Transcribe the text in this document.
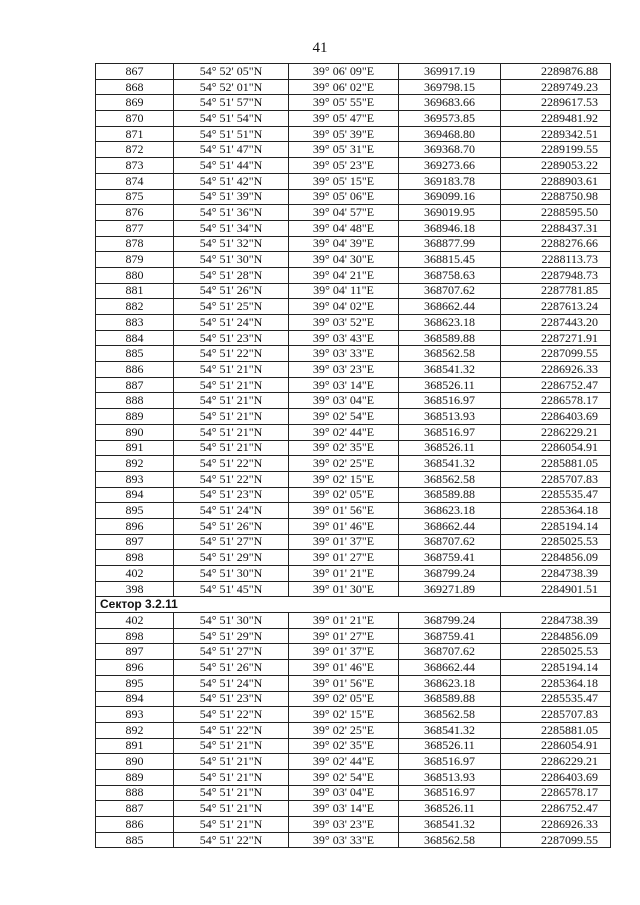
41
867	54° 52' 05"N	39° 06' 09"E	369917.19	2289876.88
868	54° 52' 01"N	39° 06' 02"E	369798.15	2289749.23
869	54° 51' 57"N	39° 05' 55"E	369683.66	2289617.53
870	54° 51' 54"N	39° 05' 47"E	369573.85	2289481.92
871	54° 51' 51"N	39° 05' 39"E	369468.80	2289342.51
872	54° 51' 47"N	39° 05' 31"E	369368.70	2289199.55
873	54° 51' 44"N	39° 05' 23"E	369273.66	2289053.22
874	54° 51' 42"N	39° 05' 15"E	369183.78	2288903.61
875	54° 51' 39"N	39° 05' 06"E	369099.16	2288750.98
876	54° 51' 36"N	39° 04' 57"E	369019.95	2288595.50
877	54° 51' 34"N	39° 04' 48"E	368946.18	2288437.31
878	54° 51' 32"N	39° 04' 39"E	368877.99	2288276.66
879	54° 51' 30"N	39° 04' 30"E	368815.45	2288113.73
880	54° 51' 28"N	39° 04' 21"E	368758.63	2287948.73
881	54° 51' 26"N	39° 04' 11"E	368707.62	2287781.85
882	54° 51' 25"N	39° 04' 02"E	368662.44	2287613.24
883	54° 51' 24"N	39° 03' 52"E	368623.18	2287443.20
884	54° 51' 23"N	39° 03' 43"E	368589.88	2287271.91
885	54° 51' 22"N	39° 03' 33"E	368562.58	2287099.55
886	54° 51' 21"N	39° 03' 23"E	368541.32	2286926.33
887	54° 51' 21"N	39° 03' 14"E	368526.11	2286752.47
888	54° 51' 21"N	39° 03' 04"E	368516.97	2286578.17
889	54° 51' 21"N	39° 02' 54"E	368513.93	2286403.69
890	54° 51' 21"N	39° 02' 44"E	368516.97	2286229.21
891	54° 51' 21"N	39° 02' 35"E	368526.11	2286054.91
892	54° 51' 22"N	39° 02' 25"E	368541.32	2285881.05
893	54° 51' 22"N	39° 02' 15"E	368562.58	2285707.83
894	54° 51' 23"N	39° 02' 05"E	368589.88	2285535.47
895	54° 51' 24"N	39° 01' 56"E	368623.18	2285364.18
896	54° 51' 26"N	39° 01' 46"E	368662.44	2285194.14
897	54° 51' 27"N	39° 01' 37"E	368707.62	2285025.53
898	54° 51' 29"N	39° 01' 27"E	368759.41	2284856.09
402	54° 51' 30"N	39° 01' 21"E	368799.24	2284738.39
398	54° 51' 45"N	39° 01' 30"E	369271.89	2284901.51
Сектор 3.2.11				
402	54° 51' 30"N	39° 01' 21"E	368799.24	2284738.39
898	54° 51' 29"N	39° 01' 27"E	368759.41	2284856.09
897	54° 51' 27"N	39° 01' 37"E	368707.62	2285025.53
896	54° 51' 26"N	39° 01' 46"E	368662.44	2285194.14
895	54° 51' 24"N	39° 01' 56"E	368623.18	2285364.18
894	54° 51' 23"N	39° 02' 05"E	368589.88	2285535.47
893	54° 51' 22"N	39° 02' 15"E	368562.58	2285707.83
892	54° 51' 22"N	39° 02' 25"E	368541.32	2285881.05
891	54° 51' 21"N	39° 02' 35"E	368526.11	2286054.91
890	54° 51' 21"N	39° 02' 44"E	368516.97	2286229.21
889	54° 51' 21"N	39° 02' 54"E	368513.93	2286403.69
888	54° 51' 21"N	39° 03' 04"E	368516.97	2286578.17
887	54° 51' 21"N	39° 03' 14"E	368526.11	2286752.47
886	54° 51' 21"N	39° 03' 23"E	368541.32	2286926.33
885	54° 51' 22"N	39° 03' 33"E	368562.58	2287099.55
